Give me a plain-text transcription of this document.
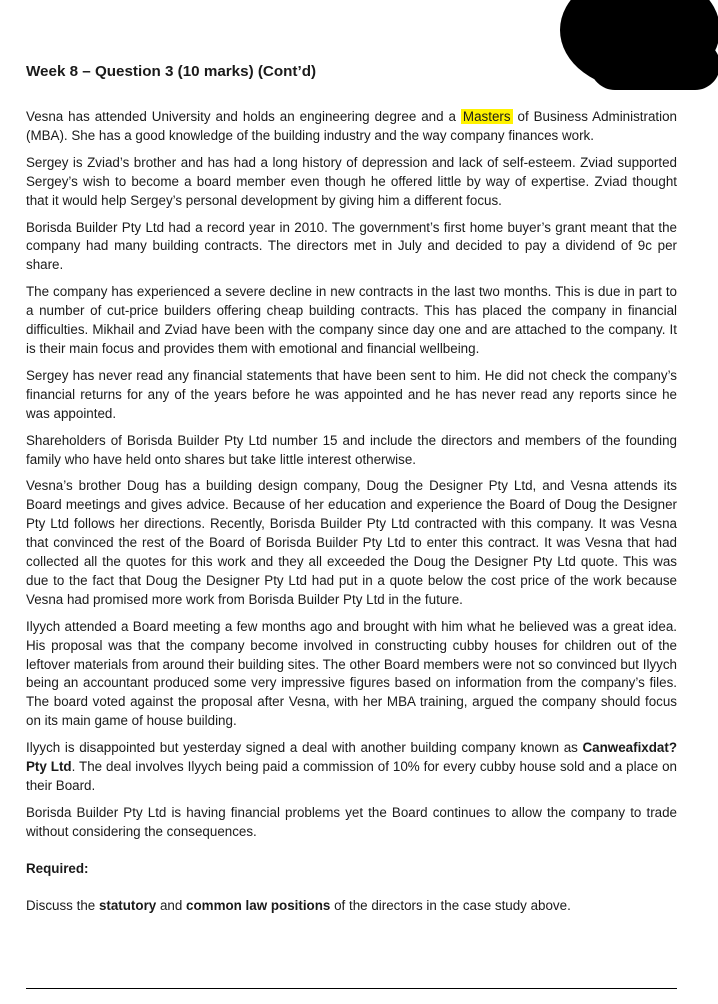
Week 8 – Question 3 (10 marks) (Cont’d)

Vesna has attended University and holds an engineering degree and a Masters of Business Administration (MBA). She has a good knowledge of the building industry and the way company finances work.

Sergey is Zviad’s brother and has had a long history of depression and lack of self-esteem. Zviad supported Sergey’s wish to become a board member even though he offered little by way of expertise. Zviad thought that it would help Sergey’s personal development by giving him a different focus.

Borisda Builder Pty Ltd had a record year in 2010. The government’s first home buyer’s grant meant that the company had many building contracts. The directors met in July and decided to pay a dividend of 9c per share.

The company has experienced a severe decline in new contracts in the last two months. This is due in part to a number of cut-price builders offering cheap building contracts. This has placed the company in financial difficulties. Mikhail and Zviad have been with the company since day one and are attached to the company. It is their main focus and provides them with emotional and financial wellbeing.

Sergey has never read any financial statements that have been sent to him. He did not check the company’s financial returns for any of the years before he was appointed and he has never read any reports since he was appointed.

Shareholders of Borisda Builder Pty Ltd number 15 and include the directors and members of the founding family who have held onto shares but take little interest otherwise.

Vesna’s brother Doug has a building design company, Doug the Designer Pty Ltd, and Vesna attends its Board meetings and gives advice. Because of her education and experience the Board of Doug the Designer Pty Ltd follows her directions. Recently, Borisda Builder Pty Ltd contracted with this company. It was Vesna that convinced the rest of the Board of Borisda Builder Pty Ltd to enter this contract. It was Vesna that had collected all the quotes for this work and they all exceeded the Doug the Designer Pty Ltd quote. This was due to the fact that Doug the Designer Pty Ltd had put in a quote below the cost price of the work because Vesna had promised more work from Borisda Builder Pty Ltd in the future.

Ilyych attended a Board meeting a few months ago and brought with him what he believed was a great idea. His proposal was that the company become involved in constructing cubby houses for children out of the leftover materials from around their building sites. The other Board members were not so convinced but Ilyych being an accountant produced some very impressive figures based on information from the company’s files. The board voted against the proposal after Vesna, with her MBA training, argued the company should focus on its main game of house building.

Ilyych is disappointed but yesterday signed a deal with another building company known as Canweafixdat? Pty Ltd. The deal involves Ilyych being paid a commission of 10% for every cubby house sold and a place on their Board.

Borisda Builder Pty Ltd is having financial problems yet the Board continues to allow the company to trade without considering the consequences.

Required:

Discuss the statutory and common law positions of the directors in the case study above.
